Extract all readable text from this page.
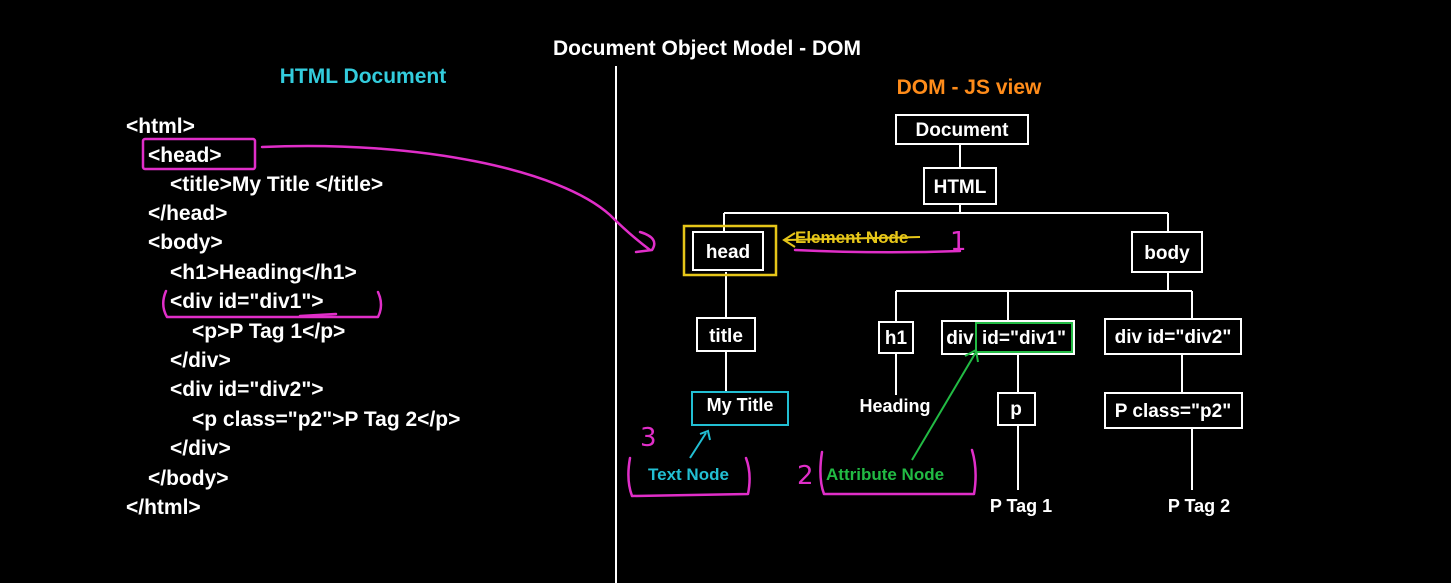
Document Object Model - DOM
HTML Document
<html>
<head>
<title>My Title </title>
</head>
<body>
<h1>Heading</h1>
<div id="div1">
<p>P Tag 1</p>
</div>
<div id="div2">
<p class="p2">P Tag 2</p>
</div>
</body>
</html>
DOM - JS view
Document
HTML
head	body
title
My Title
h1 div id="div1"	div id="div2"
p	P class="p2"
Heading
P Tag 1	P Tag 2
Element Node 1
Attribute Node
2
Text Node
3
